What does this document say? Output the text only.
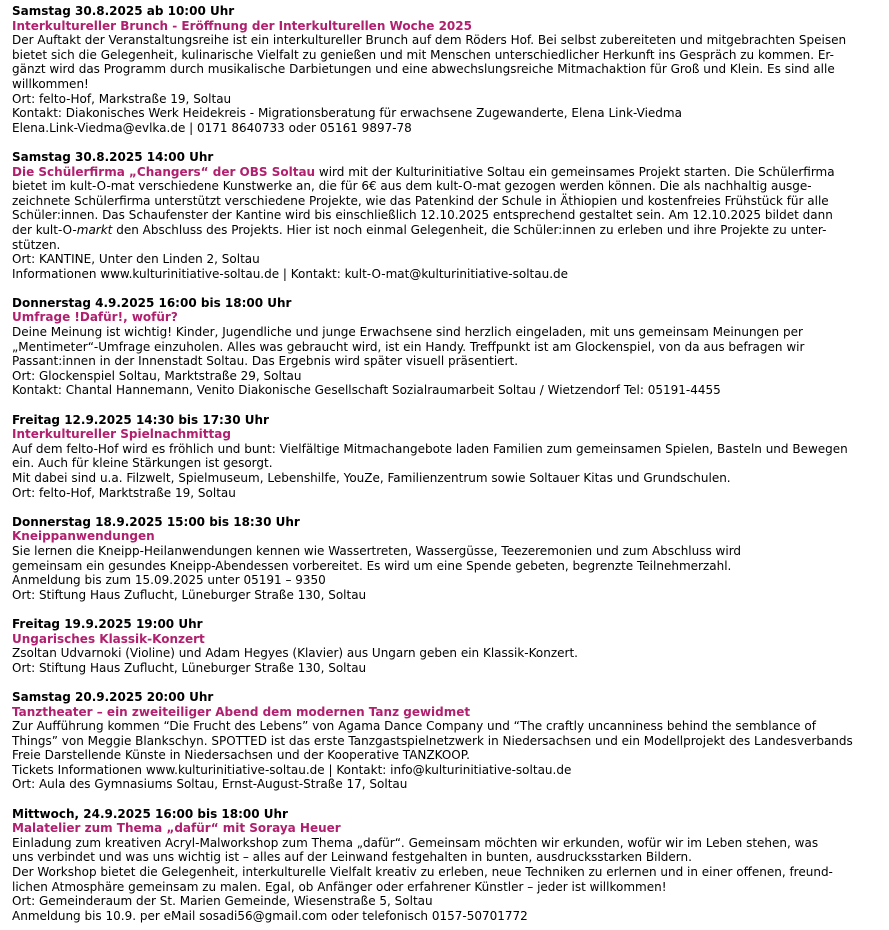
Samstag 30.8.2025 ab 10:00 Uhr
Interkultureller Brunch - Eröffnung der Interkulturellen Woche 2025
Der Auftakt der Veranstaltungsreihe ist ein interkultureller Brunch auf dem Röders Hof. Bei selbst zubereiteten und mitgebrachten Speisen
bietet sich die Gelegenheit, kulinarische Vielfalt zu genießen und mit Menschen unterschiedlicher Herkunft ins Gespräch zu kommen. Er-
gänzt wird das Programm durch musikalische Darbietungen und eine abwechslungsreiche Mitmachaktion für Groß und Klein. Es sind alle
willkommen!
Ort: felto-Hof, Markstraße 19, Soltau
Kontakt: Diakonisches Werk Heidekreis - Migrationsberatung für erwachsene Zugewanderte, Elena Link-Viedma
Elena.Link-Viedma@evlka.de | 0171 8640733 oder 05161 9897-78
Samstag 30.8.2025 14:00 Uhr
Die Schülerfirma „Changers“ der OBS Soltau wird mit der Kulturinitiative Soltau ein gemeinsames Projekt starten. Die Schülerfirma
bietet im kult-O-mat verschiedene Kunstwerke an, die für 6€ aus dem kult-O-mat gezogen werden können. Die als nachhaltig ausge-
zeichnete Schülerfirma unterstützt verschiedene Projekte, wie das Patenkind der Schule in Äthiopien und kostenfreies Frühstück für alle
Schüler:innen. Das Schaufenster der Kantine wird bis einschließlich 12.10.2025 entsprechend gestaltet sein. Am 12.10.2025 bildet dann
der kult-O-markt den Abschluss des Projekts. Hier ist noch einmal Gelegenheit, die Schüler:innen zu erleben und ihre Projekte zu unter-
stützen.
Ort: KANTINE, Unter den Linden 2, Soltau
Informationen www.kulturinitiative-soltau.de | Kontakt: kult-O-mat@kulturinitiative-soltau.de
Donnerstag 4.9.2025 16:00 bis 18:00 Uhr
Umfrage !Dafür!, wofür?
Deine Meinung ist wichtig! Kinder, Jugendliche und junge Erwachsene sind herzlich eingeladen, mit uns gemeinsam Meinungen per
„Mentimeter“-Umfrage einzuholen. Alles was gebraucht wird, ist ein Handy. Treffpunkt ist am Glockenspiel, von da aus befragen wir
Passant:innen in der Innenstadt Soltau. Das Ergebnis wird später visuell präsentiert.
Ort: Glockenspiel Soltau, Marktstraße 29, Soltau
Kontakt: Chantal Hannemann, Venito Diakonische Gesellschaft Sozialraumarbeit Soltau / Wietzendorf Tel: 05191-4455
Freitag 12.9.2025 14:30 bis 17:30 Uhr
Interkultureller Spielnachmittag
Auf dem felto-Hof wird es fröhlich und bunt: Vielfältige Mitmachangebote laden Familien zum gemeinsamen Spielen, Basteln und Bewegen
ein. Auch für kleine Stärkungen ist gesorgt.
Mit dabei sind u.a. Filzwelt, Spielmuseum, Lebenshilfe, YouZe, Familienzentrum sowie Soltauer Kitas und Grundschulen.
Ort: felto-Hof, Marktstraße 19, Soltau
Donnerstag 18.9.2025 15:00 bis 18:30 Uhr
Kneippanwendungen
Sie lernen die Kneipp-Heilanwendungen kennen wie Wassertreten, Wassergüsse, Teezeremonien und zum Abschluss wird
gemeinsam ein gesundes Kneipp-Abendessen vorbereitet. Es wird um eine Spende gebeten, begrenzte Teilnehmerzahl.
Anmeldung bis zum 15.09.2025 unter 05191 – 9350
Ort: Stiftung Haus Zuflucht, Lüneburger Straße 130, Soltau
Freitag 19.9.2025 19:00 Uhr
Ungarisches Klassik-Konzert
Zsoltan Udvarnoki (Violine) und Adam Hegyes (Klavier) aus Ungarn geben ein Klassik-Konzert.
Ort: Stiftung Haus Zuflucht, Lüneburger Straße 130, Soltau
Samstag 20.9.2025 20:00 Uhr
Tanztheater – ein zweiteiliger Abend dem modernen Tanz gewidmet
Zur Aufführung kommen “Die Frucht des Lebens” von Agama Dance Company und “The craftly uncanniness behind the semblance of
Things” von Meggie Blankschyn. SPOTTED ist das erste Tanzgastspielnetzwerk in Niedersachsen und ein Modellprojekt des Landesverbands
Freie Darstellende Künste in Niedersachsen und der Kooperative TANZKOOP.
Tickets Informationen www.kulturinitiative-soltau.de | Kontakt: info@kulturinitiative-soltau.de
Ort: Aula des Gymnasiums Soltau, Ernst-August-Straße 17, Soltau
Mittwoch, 24.9.2025 16:00 bis 18:00 Uhr
Malatelier zum Thema „dafür“ mit Soraya Heuer
Einladung zum kreativen Acryl-Malworkshop zum Thema „dafür“. Gemeinsam möchten wir erkunden, wofür wir im Leben stehen, was
uns verbindet und was uns wichtig ist – alles auf der Leinwand festgehalten in bunten, ausdrucksstarken Bildern.
Der Workshop bietet die Gelegenheit, interkulturelle Vielfalt kreativ zu erleben, neue Techniken zu erlernen und in einer offenen, freund-
lichen Atmosphäre gemeinsam zu malen. Egal, ob Anfänger oder erfahrener Künstler – jeder ist willkommen!
Ort: Gemeinderaum der St. Marien Gemeinde, Wiesenstraße 5, Soltau
Anmeldung bis 10.9. per eMail sosadi56@gmail.com oder telefonisch 0157-50701772
